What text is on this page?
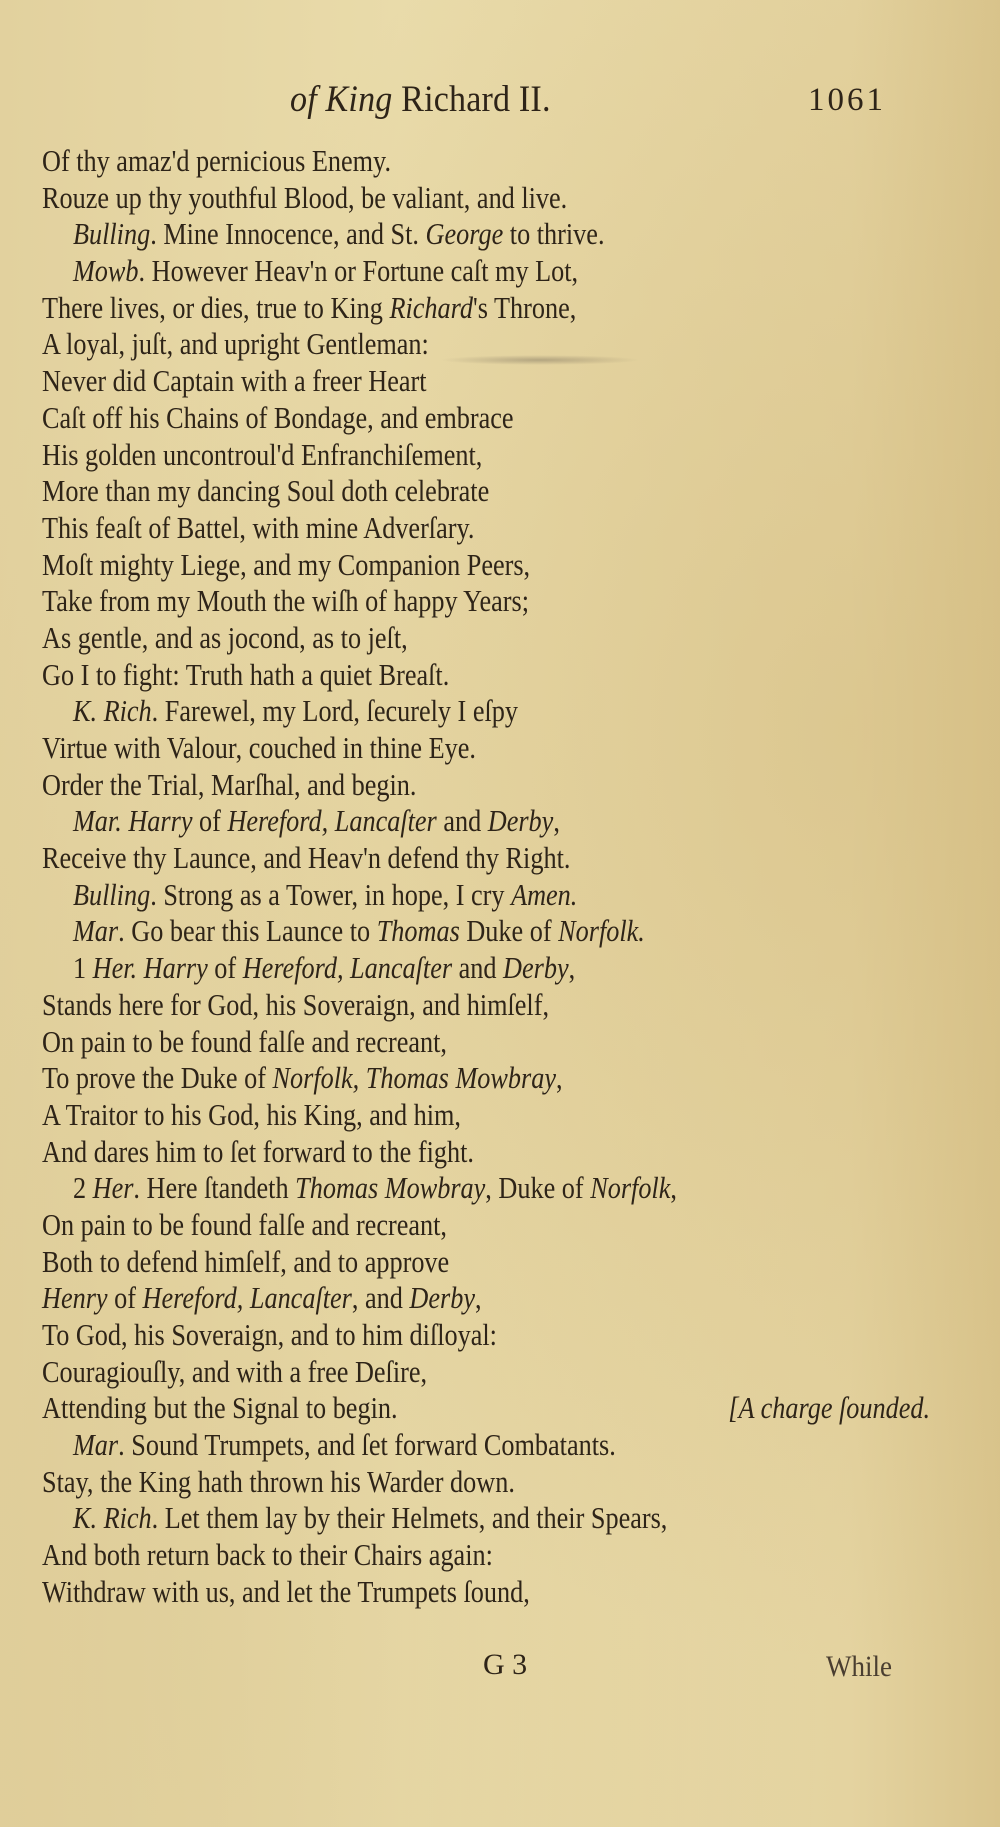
of King Richard II.	1061
Of thy amaz'd pernicious Enemy.
Rouze up thy youthful Blood, be valiant, and live.
Bulling. Mine Innocence, and St. George to thrive.
Mowb. However Heav'n or Fortune caſt my Lot,
There lives, or dies, true to King Richard's Throne,
A loyal, juſt, and upright Gentleman:
Never did Captain with a freer Heart
Caſt off his Chains of Bondage, and embrace
His golden uncontroul'd Enfranchiſement,
More than my dancing Soul doth celebrate
This feaſt of Battel, with mine Adverſary.
Moſt mighty Liege, and my Companion Peers,
Take from my Mouth the wiſh of happy Years;
As gentle, and as jocond, as to jeſt,
Go I to fight: Truth hath a quiet Breaſt.
K. Rich. Farewel, my Lord, ſecurely I eſpy
Virtue with Valour, couched in thine Eye.
Order the Trial, Marſhal, and begin.
Mar. Harry of Hereford, Lancaſter and Derby,
Receive thy Launce, and Heav'n defend thy Right.
Bulling. Strong as a Tower, in hope, I cry Amen.
Mar. Go bear this Launce to Thomas Duke of Norfolk.
1 Her. Harry of Hereford, Lancaſter and Derby,
Stands here for God, his Soveraign, and himſelf,
On pain to be found falſe and recreant,
To prove the Duke of Norfolk, Thomas Mowbray,
A Traitor to his God, his King, and him,
And dares him to ſet forward to the fight.
2 Her. Here ſtandeth Thomas Mowbray, Duke of Norfolk,
On pain to be found falſe and recreant,
Both to defend himſelf, and to approve
Henry of Hereford, Lancaſter, and Derby,
To God, his Soveraign, and to him diſloyal:
Couragiouſly, and with a free Deſire,
Attending but the Signal to begin.	[A charge ſounded.
Mar. Sound Trumpets, and ſet forward Combatants.
Stay, the King hath thrown his Warder down.
K. Rich. Let them lay by their Helmets, and their Spears,
And both return back to their Chairs again:
Withdraw with us, and let the Trumpets ſound,
G 3	While
